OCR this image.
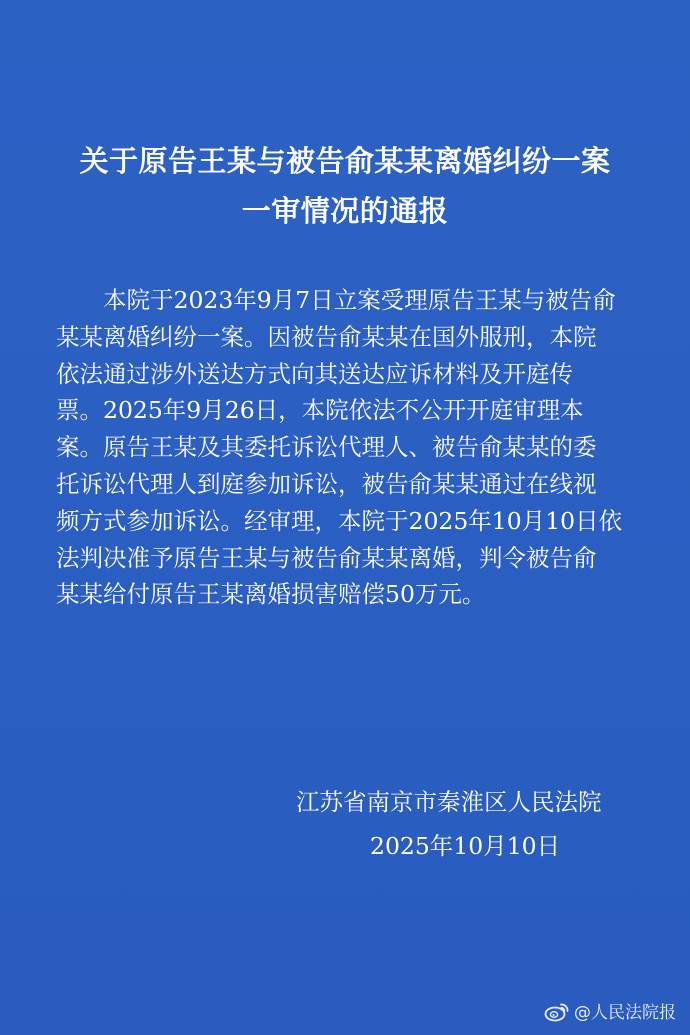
关于原告王某与被告俞某某离婚纠纷一案
一审情况的通报

本院于2023年9月7日立案受理原告王某与被告俞
某某离婚纠纷一案。因被告俞某某在国外服刑，本院
依法通过涉外送达方式向其送达应诉材料及开庭传
票。2025年9月26日，本院依法不公开开庭审理本
案。原告王某及其委托诉讼代理人、被告俞某某的委
托诉讼代理人到庭参加诉讼，被告俞某某通过在线视
频方式参加诉讼。经审理，本院于2025年10月10日依
法判决准予原告王某与被告俞某某离婚，判令被告俞
某某给付原告王某离婚损害赔偿50万元。

江苏省南京市秦淮区人民法院

2025年10月10日

@人民法院报
